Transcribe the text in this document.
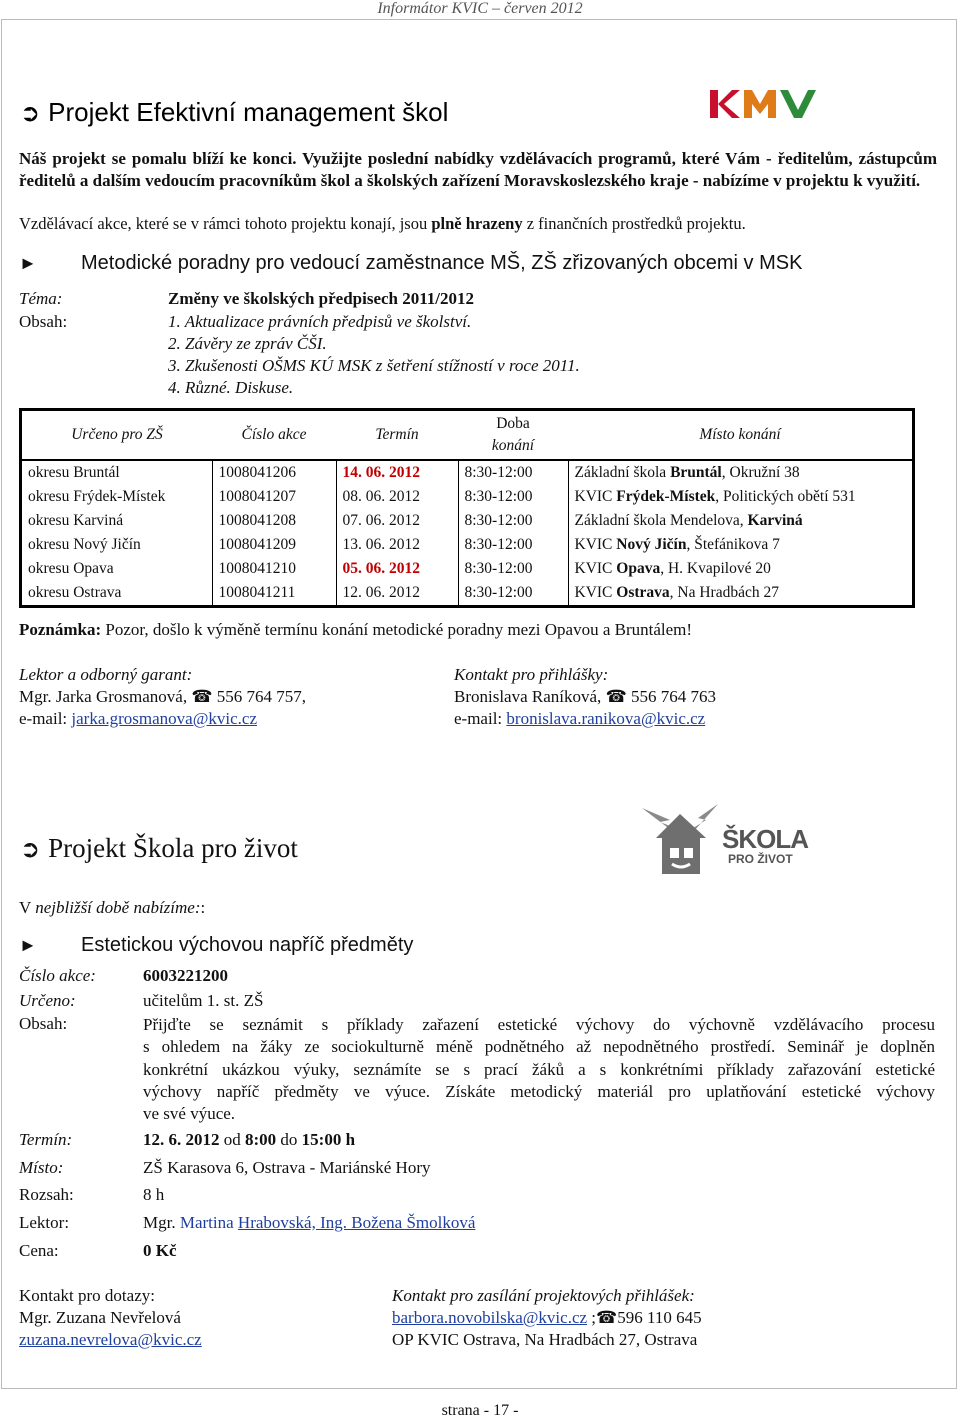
Informátor KVIC – červen 2012
➲ Projekt Efektivní management škol
Náš projekt se pomalu blíží ke konci. Využijte poslední nabídky vzdělávacích programů, které Vám - ředitelům, zástupcům ředitelů a dalším vedoucím pracovníkům škol a školských zařízení Moravskoslezského kraje - nabízíme v projektu k využití.
Vzdělávací akce, které se v rámci tohoto projektu konají, jsou plně hrazeny z finančních prostředků projektu.
► Metodické poradny pro vedoucí zaměstnance MŠ, ZŠ zřizovaných obcemi v MSK
Téma:	Změny ve školských předpisech 2011/2012
Obsah:	1. Aktualizace právních předpisů ve školství.
2. Závěry ze zpráv ČŠI.
3. Zkušenosti OŠMS KÚ MSK z šetření stížností v roce 2011.
4. Různé. Diskuse.
Určeno pro ZŠ	Číslo akce	Termín	Doba
konání	Místo konání
okresu Bruntál	1008041206	14. 06. 2012	8:30-12:00	Základní škola Bruntál, Okružní 38
okresu Frýdek-Místek	1008041207	08. 06. 2012	8:30-12:00	KVIC Frýdek-Místek, Politických obětí 531
okresu Karviná	1008041208	07. 06. 2012	8:30-12:00	Základní škola Mendelova, Karviná
okresu Nový Jičín	1008041209	13. 06. 2012	8:30-12:00	KVIC Nový Jičín, Štefánikova 7
okresu Opava	1008041210	05. 06. 2012	8:30-12:00	KVIC Opava, H. Kvapilové 20
okresu Ostrava	1008041211	12. 06. 2012	8:30-12:00	KVIC Ostrava, Na Hradbách 27
Poznámka: Pozor, došlo k výměně termínu konání metodické poradny mezi Opavou a Bruntálem!
Lektor a odborný garant:
Mgr. Jarka Grosmanová, ☎ 556 764 757,
e-mail: jarka.grosmanova@kvic.cz
Kontakt pro přihlášky:
Bronislava Raníková, ☎ 556 764 763
e-mail: bronislava.ranikova@kvic.cz
➲ Projekt Škola pro život	ŠKOLA
PRO ŽIVOT
V nejbližší době nabízíme::
► Estetickou výchovou napříč předměty
Číslo akce:	6003221200
Určeno:	učitelům 1. st. ZŠ
Obsah:	Přijďte se seznámit s příklady zařazení estetické výchovy do výchovně vzdělávacího procesu
s ohledem na žáky ze sociokulturně méně podnětného až nepodnětného prostředí. Seminář je doplněn
konkrétní ukázkou výuky, seznámíte se s prací žáků a s konkrétními příklady zařazování estetické
výchovy napříč předměty ve výuce. Získáte metodický materiál pro uplatňování estetické výchovy
ve své výuce.
Termín:	12. 6. 2012 od 8:00 do 15:00 h
Místo:	ZŠ Karasova 6, Ostrava - Mariánské Hory
Rozsah:	8 h
Lektor:	Mgr. Martina Hrabovská, Ing. Božena Šmolková
Cena:	0 Kč
Kontakt pro dotazy:
Mgr. Zuzana Nevřelová
zuzana.nevrelova@kvic.cz
Kontakt pro zasílání projektových přihlášek:
barbora.novobilska@kvic.cz ;☎596 110 645
OP KVIC Ostrava, Na Hradbách 27, Ostrava
strana - 17 -
